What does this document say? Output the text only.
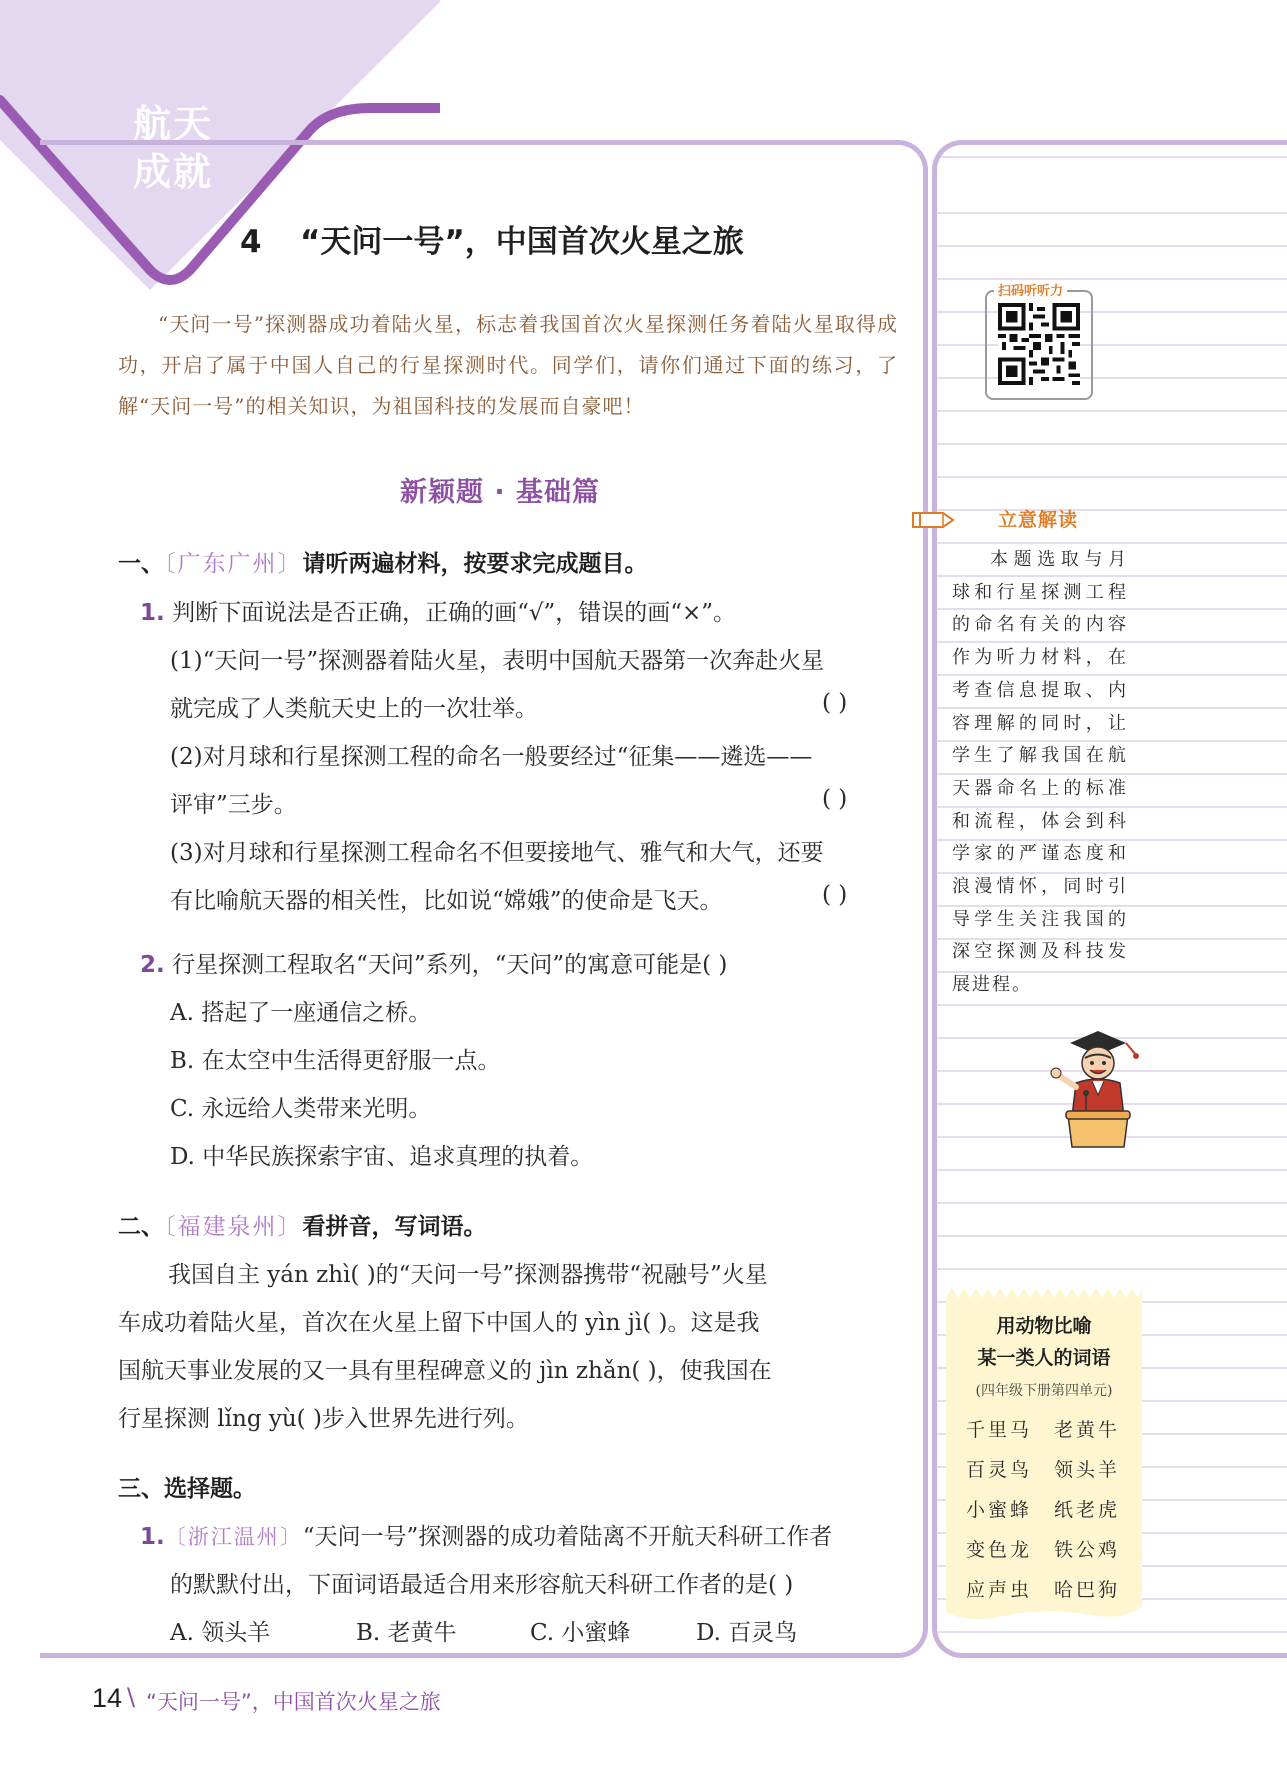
航天
成就
4 “天问一号”，中国首次火星之旅
“天问一号”探测器成功着陆火星，标志着我国首次火星探测任务着陆火星取得成功，开启了属于中国人自己的行星探测时代。同学们，请你们通过下面的练习，了解“天问一号”的相关知识，为祖国科技的发展而自豪吧！
新颖题 · 基础篇
一、〔广东广州〕请听两遍材料，按要求完成题目。
1. 判断下面说法是否正确，正确的画“√”，错误的画“×”。
(1)“天问一号”探测器着陆火星，表明中国航天器第一次奔赴火星
就完成了人类航天史上的一次壮举。	( )
(2)对月球和行星探测工程的命名一般要经过“征集——遴选——
评审”三步。	( )
(3)对月球和行星探测工程命名不但要接地气、雅气和大气，还要
有比喻航天器的相关性，比如说“嫦娥”的使命是飞天。	( )
2. 行星探测工程取名“天问”系列，“天问”的寓意可能是( )
A. 搭起了一座通信之桥。
B. 在太空中生活得更舒服一点。
C. 永远给人类带来光明。
D. 中华民族探索宇宙、追求真理的执着。
二、〔福建泉州〕看拼音，写词语。
我国自主 yán zhì( )的“天问一号”探测器携带“祝融号”火星
车成功着陆火星，首次在火星上留下中国人的 yìn jì( )。这是我
国航天事业发展的又一具有里程碑意义的 jìn zhǎn( )，使我国在
行星探测 lǐng yù( )步入世界先进行列。
三、选择题。
1.〔浙江温州〕“天问一号”探测器的成功着陆离不开航天科研工作者
的默默付出，下面词语最适合用来形容航天科研工作者的是( )
A. 领头羊	B. 老黄牛	C. 小蜜蜂	D. 百灵鸟
扫码听听力
立意解读
本题选取与月球和行星探测工程的命名有关的内容作为听力材料，在考查信息提取、内容理解的同时，让学生了解我国在航天器命名上的标准和流程，体会到科学家的严谨态度和浪漫情怀，同时引导学生关注我国的深空探测及科技发展进程。
用动物比喻
某一类人的词语
(四年级下册第四单元)
千里马 老黄牛
百灵鸟 领头羊
小蜜蜂 纸老虎
变色龙 铁公鸡
应声虫 哈巴狗
14 \ “天问一号”，中国首次火星之旅
